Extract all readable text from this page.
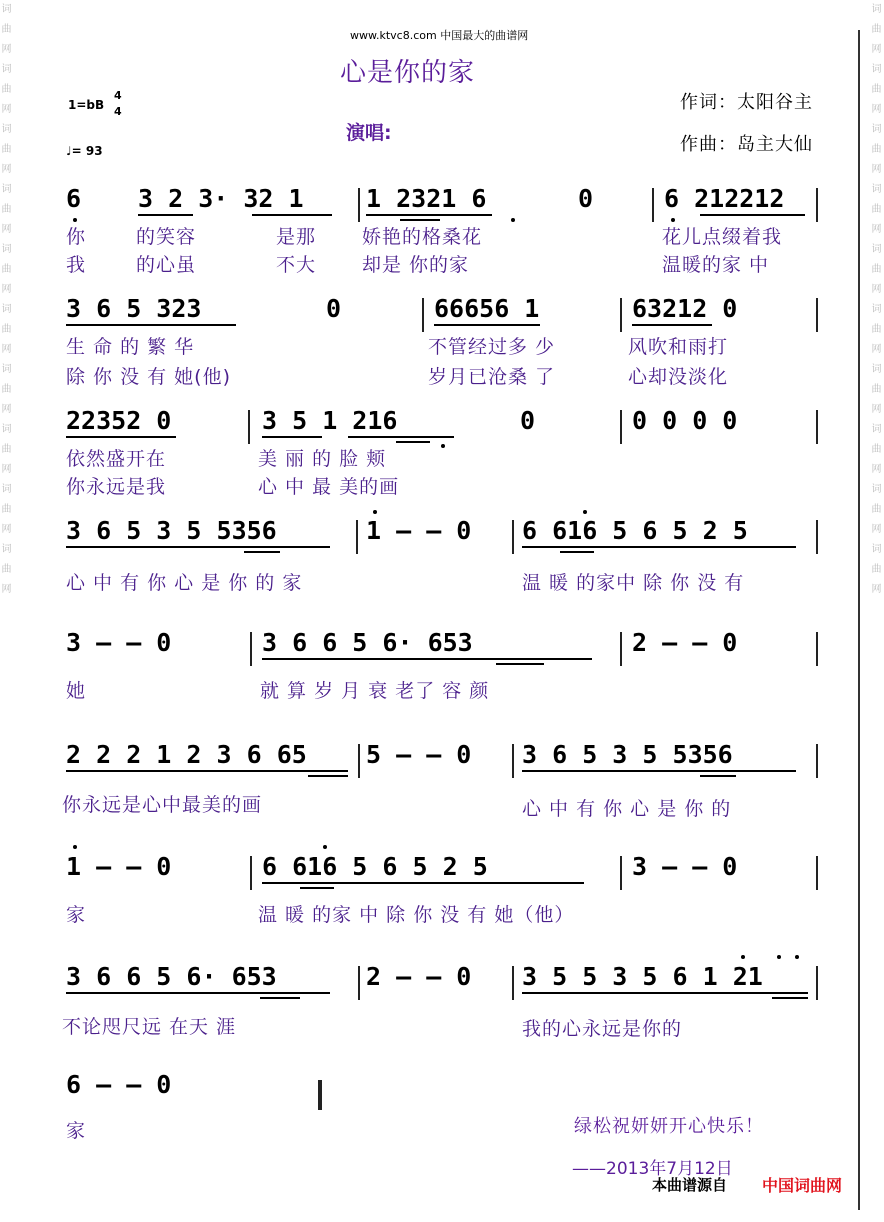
词曲网
词曲网
词曲网
词曲网
词曲网
词曲网
词曲网
词曲网
词曲网
词曲网
词曲网
词曲网
词曲网
词曲网
词曲网
词曲网
词曲网
词曲网
词曲网
词曲网
www.ktvc8.com 中国最大的曲谱网
心是你的家
1=bB
4
4
♩= 93
演唱:
作词：太阳谷主
作曲：岛主大仙
6 3 2 3· 32 1 1 2321 6	0	6 212212
你	的笑容	是那 娇艳的格桑花	花儿点缀着我
我	的心虽	不大 却是 你的家	温暖的家 中
3 6 5 323	0	66656 1	63212 0
生 命 的 繁 华	不管经过多 少	风吹和雨打
除 你 没 有 她(他)	岁月已沧桑 了	心却没淡化
22352 0	3 5 1 216	0	0 0 0 0
依然盛开在	美 丽 的 脸 颊
你永远是我	心 中 最 美的画
3 6 5 3 5 5356	1 – – 0 6 616 5 6 5 2 5
心 中 有 你 心 是 你 的 家	温 暖 的家中 除 你 没 有
3 – – 0	3 6 6 5 6· 653	2 – – 0
她	就 算 岁 月 衰 老了 容 颜
2 2 2 1 2 3 6 65 5 – – 0 3 6 5 3 5 5356
你永远是心中最美的画	心 中 有 你 心 是 你 的
1 – – 0	6 616 5 6 5 2 5	3 – – 0
家	温 暖 的家 中 除 你 没 有 她（他）
3 6 6 5 6· 653	2 – – 0 3 5 5 3 5 6 1 21
不论咫尺远 在天 涯	我的心永远是你的
6 – – 0
家	绿松祝妍妍开心快乐！
——2013年7月12日
本曲谱源自 中国词曲网
